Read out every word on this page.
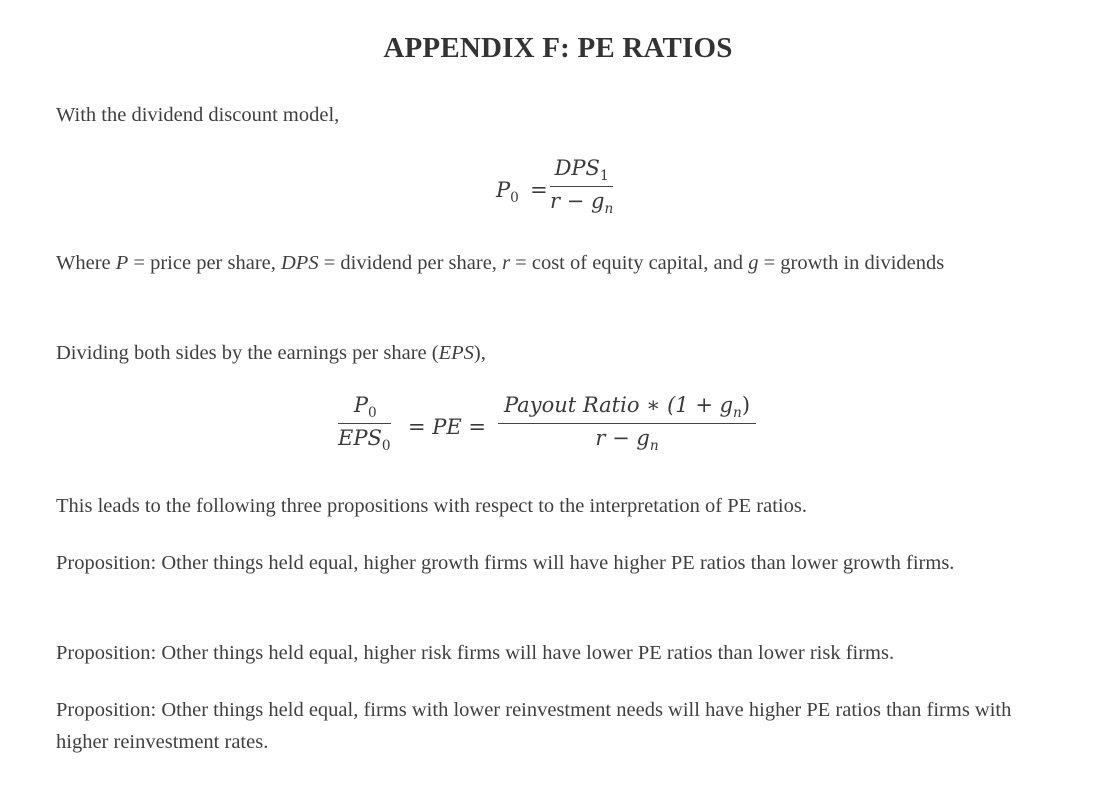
APPENDIX F: PE RATIOS
With the dividend discount model,
$P_0$ =
$DPS_1$
$r - g_n$
Where P = price per share, DPS = dividend per share, r = cost of equity capital, and g = growth in dividends
Dividing both sides by the earnings per share (EPS),
$P_0$
$EPS_0$
= PE =
Payout Ratio ∗ $(1 + g_n)$
$r - g_n$
This leads to the following three propositions with respect to the interpretation of PE ratios.
Proposition: Other things held equal, higher growth firms will have higher PE ratios than lower growth firms.
Proposition: Other things held equal, higher risk firms will have lower PE ratios than lower risk firms.
Proposition: Other things held equal, firms with lower reinvestment needs will have higher PE ratios than firms with higher reinvestment rates.
